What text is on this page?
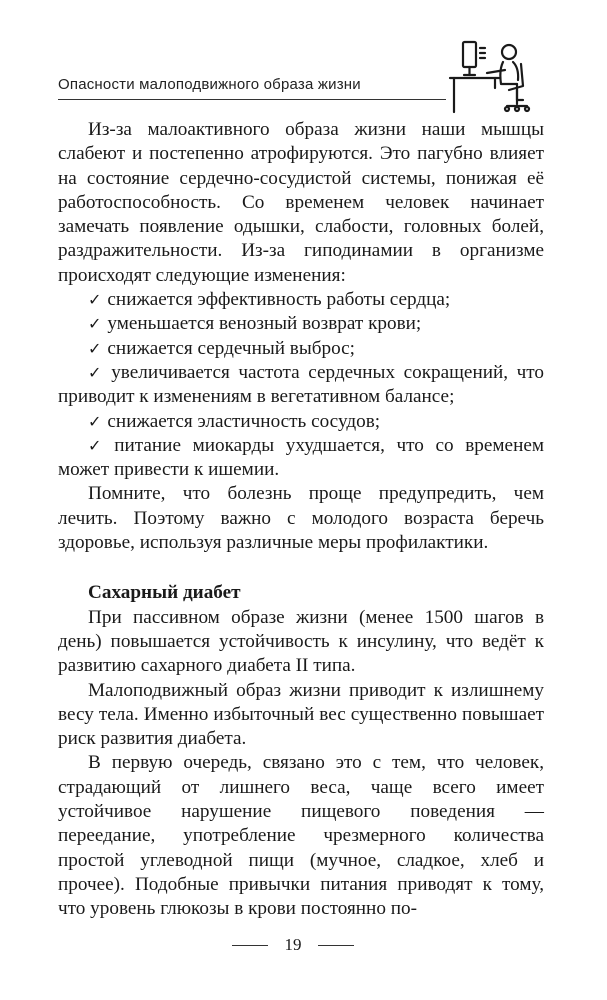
Опасности малоподвижного образа жизни

Из-за малоактивного образа жизни наши мышцы слабеют и постепенно атрофируются. Это пагубно влияет на состояние сердечно-сосудистой системы, понижая её работоспособность. Со временем человек начинает замечать появление одышки, слабости, головных болей, раздражительности. Из-за гиподинамии в организме происходят следующие изменения:

✓ снижается эффективность работы сердца;
✓ уменьшается венозный возврат крови;
✓ снижается сердечный выброс;
✓ увеличивается частота сердечных сокращений, что приводит к изменениям в вегетативном балансе;
✓ снижается эластичность сосудов;
✓ питание миокарды ухудшается, что со временем может привести к ишемии.

Помните, что болезнь проще предупредить, чем лечить. Поэтому важно с молодого возраста беречь здоровье, используя различные меры профилактики.

Сахарный диабет

При пассивном образе жизни (менее 1500 шагов в день) повышается устойчивость к инсулину, что ведёт к развитию сахарного диабета II типа.

Малоподвижный образ жизни приводит к излишнему весу тела. Именно избыточный вес существенно повышает риск развития диабета.

В первую очередь, связано это с тем, что человек, страдающий от лишнего веса, чаще всего имеет устойчивое нарушение пищевого поведения — переедание, употребление чрезмерного количества простой углеводной пищи (мучное, сладкое, хлеб и прочее). Подобные привычки питания приводят к тому, что уровень глюкозы в крови постоянно по-

19
